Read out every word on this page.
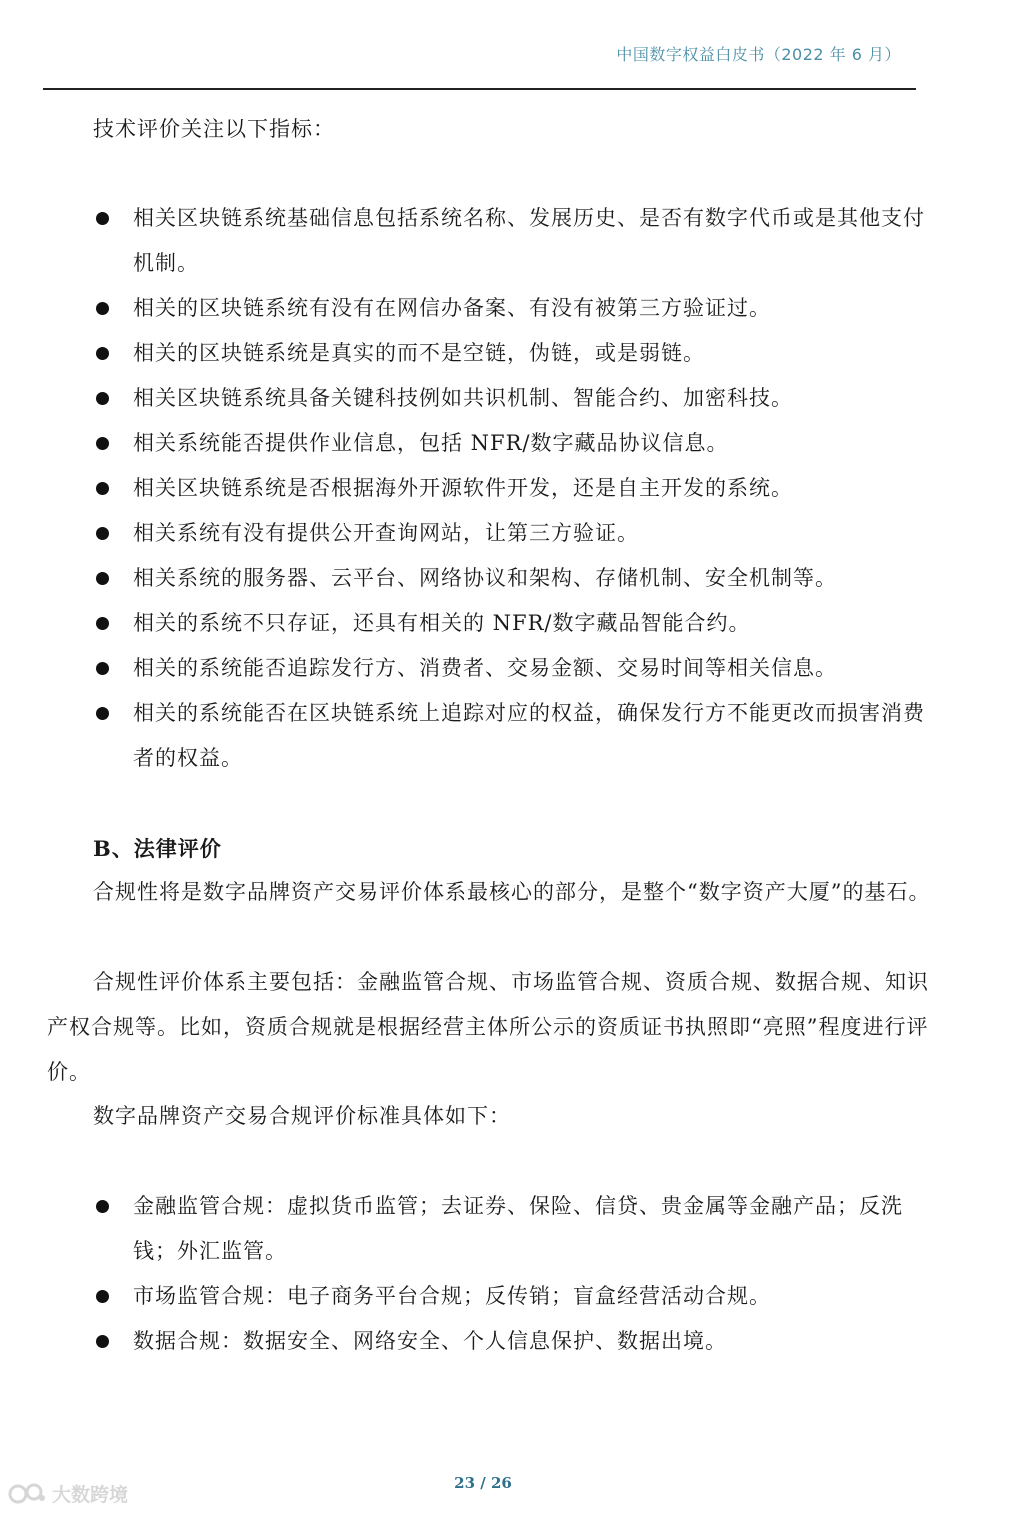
中国数字权益白皮书（2022 年 6 月）

技术评价关注以下指标：

相关区块链系统基础信息包括系统名称、发展历史、是否有数字代币或是其他支付机制。
相关的区块链系统有没有在网信办备案、有没有被第三方验证过。
相关的区块链系统是真实的而不是空链，伪链，或是弱链。
相关区块链系统具备关键科技例如共识机制、智能合约、加密科技。
相关系统能否提供作业信息，包括 NFR/数字藏品协议信息。
相关区块链系统是否根据海外开源软件开发，还是自主开发的系统。
相关系统有没有提供公开查询网站，让第三方验证。
相关系统的服务器、云平台、网络协议和架构、存储机制、安全机制等。
相关的系统不只存证，还具有相关的 NFR/数字藏品智能合约。
相关的系统能否追踪发行方、消费者、交易金额、交易时间等相关信息。
相关的系统能否在区块链系统上追踪对应的权益，确保发行方不能更改而损害消费者的权益。
B、法律评价

合规性将是数字品牌资产交易评价体系最核心的部分，是整个“数字资产大厦”的基石。

合规性评价体系主要包括：金融监管合规、市场监管合规、资质合规、数据合规、知识产权合规等。比如，资质合规就是根据经营主体所公示的资质证书执照即“亮照”程度进行评价。

数字品牌资产交易合规评价标准具体如下：

金融监管合规：虚拟货币监管；去证券、保险、信贷、贵金属等金融产品；反洗钱；外汇监管。
市场监管合规：电子商务平台合规；反传销；盲盒经营活动合规。
数据合规：数据安全、网络安全、个人信息保护、数据出境。
23 / 26
大数跨境
